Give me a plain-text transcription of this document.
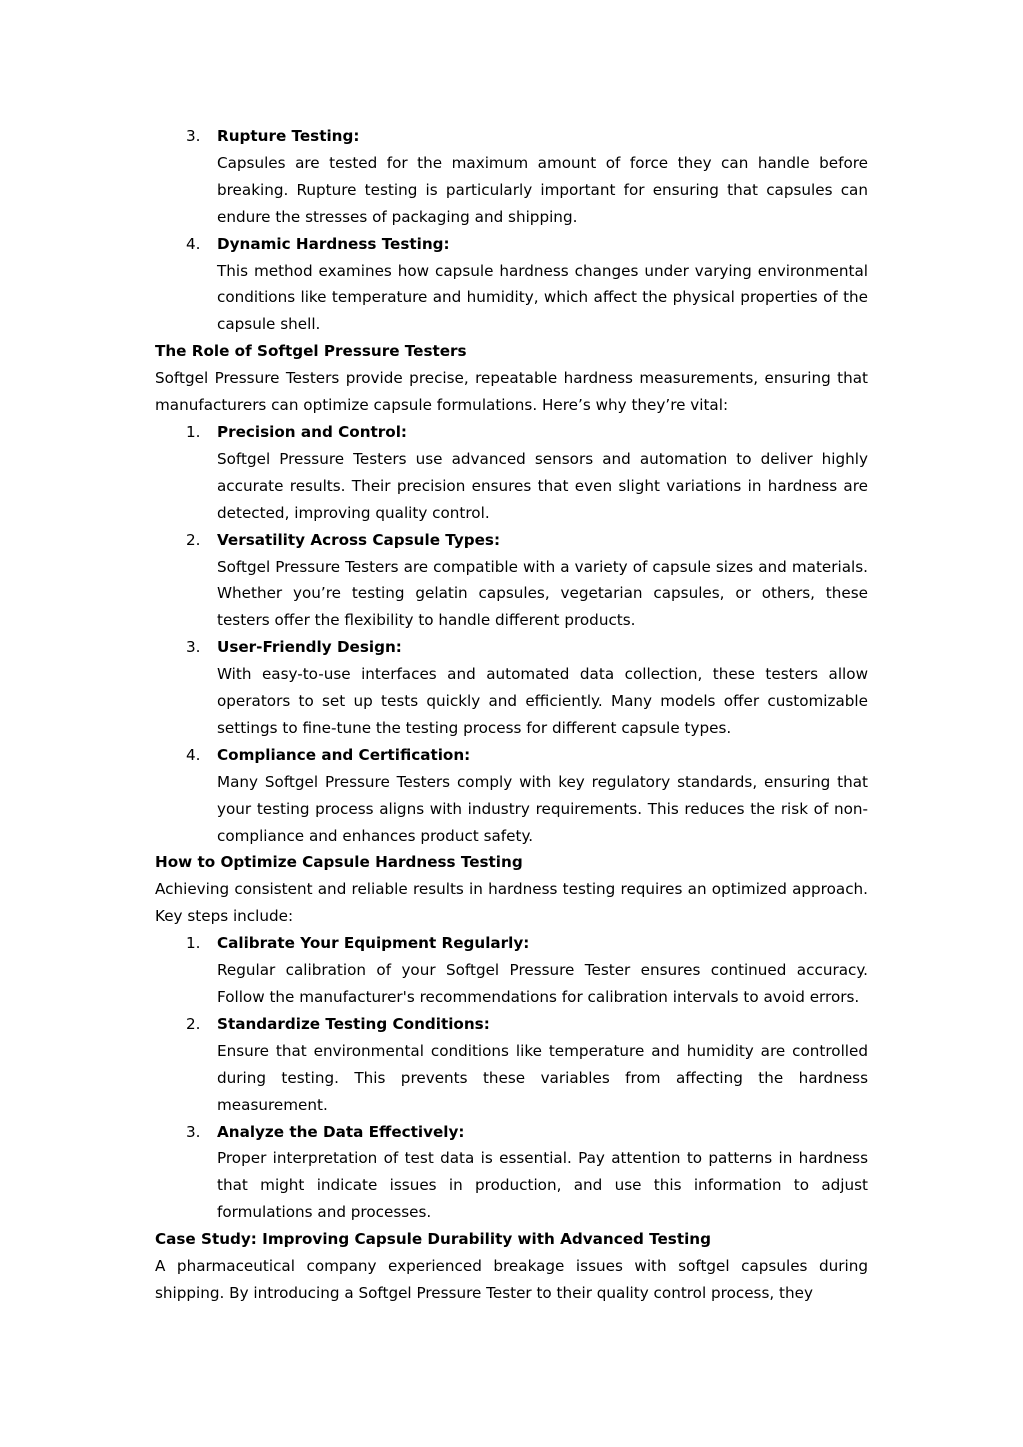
3. Rupture Testing:

Capsules are tested for the maximum amount of force they can handle before breaking. Rupture testing is particularly important for ensuring that capsules can endure the stresses of packaging and shipping.

4. Dynamic Hardness Testing:

This method examines how capsule hardness changes under varying environmental conditions like temperature and humidity, which affect the physical properties of the capsule shell.

The Role of Softgel Pressure Testers

Softgel Pressure Testers provide precise, repeatable hardness measurements, ensuring that manufacturers can optimize capsule formulations. Here’s why they’re vital:

1. Precision and Control:

Softgel Pressure Testers use advanced sensors and automation to deliver highly accurate results. Their precision ensures that even slight variations in hardness are detected, improving quality control.

2. Versatility Across Capsule Types:

Softgel Pressure Testers are compatible with a variety of capsule sizes and materials. Whether you’re testing gelatin capsules, vegetarian capsules, or others, these testers offer the flexibility to handle different products.

3. User-Friendly Design:

With easy-to-use interfaces and automated data collection, these testers allow operators to set up tests quickly and efficiently. Many models offer customizable settings to fine-tune the testing process for different capsule types.

4. Compliance and Certification:

Many Softgel Pressure Testers comply with key regulatory standards, ensuring that your testing process aligns with industry requirements. This reduces the risk of non-compliance and enhances product safety.

How to Optimize Capsule Hardness Testing

Achieving consistent and reliable results in hardness testing requires an optimized approach. Key steps include:

1. Calibrate Your Equipment Regularly:

Regular calibration of your Softgel Pressure Tester ensures continued accuracy. Follow the manufacturer's recommendations for calibration intervals to avoid errors.

2. Standardize Testing Conditions:

Ensure that environmental conditions like temperature and humidity are controlled during testing. This prevents these variables from affecting the hardness measurement.

3. Analyze the Data Effectively:

Proper interpretation of test data is essential. Pay attention to patterns in hardness that might indicate issues in production, and use this information to adjust formulations and processes.

Case Study: Improving Capsule Durability with Advanced Testing

A pharmaceutical company experienced breakage issues with softgel capsules during shipping. By introducing a Softgel Pressure Tester to their quality control process, they
